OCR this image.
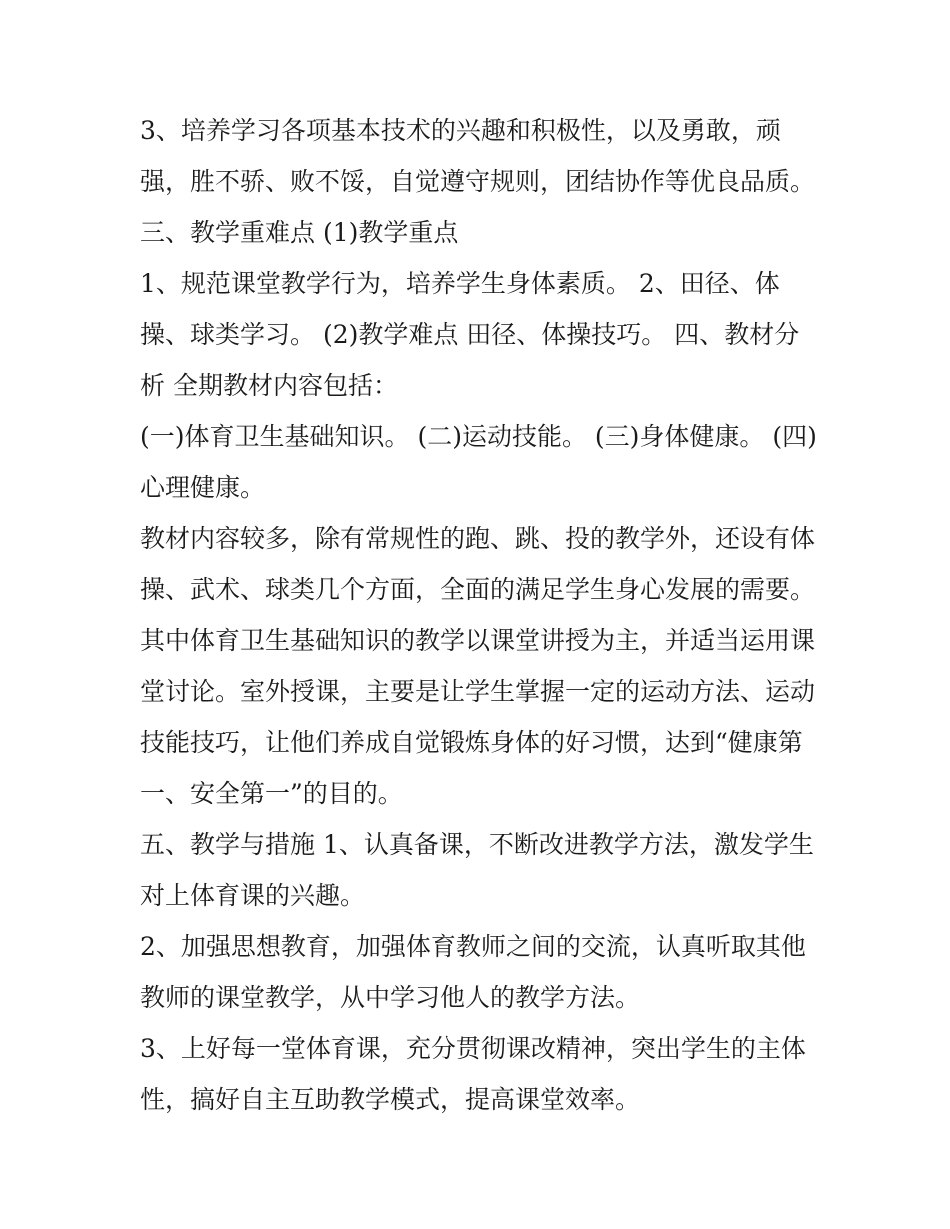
3、培养学习各项基本技术的兴趣和积极性，以及勇敢，顽

强，胜不骄、败不馁，自觉遵守规则，团结协作等优良品质。

三、教学重难点 (1)教学重点

1、规范课堂教学行为，培养学生身体素质。 2、田径、体

操、球类学习。 (2)教学难点 田径、体操技巧。 四、教材分

析 全期教材内容包括：

(一)体育卫生基础知识。 (二)运动技能。 (三)身体健康。 (四)

心理健康。

教材内容较多，除有常规性的跑、跳、投的教学外，还设有体

操、武术、球类几个方面，全面的满足学生身心发展的需要。

其中体育卫生基础知识的教学以课堂讲授为主，并适当运用课

堂讨论。室外授课，主要是让学生掌握一定的运动方法、运动

技能技巧，让他们养成自觉锻炼身体的好习惯，达到“健康第

一、安全第一”的目的。

五、教学与措施 1、认真备课，不断改进教学方法，激发学生

对上体育课的兴趣。

2、加强思想教育，加强体育教师之间的交流，认真听取其他

教师的课堂教学，从中学习他人的教学方法。

3、上好每一堂体育课，充分贯彻课改精神，突出学生的主体

性，搞好自主互助教学模式，提高课堂效率。
